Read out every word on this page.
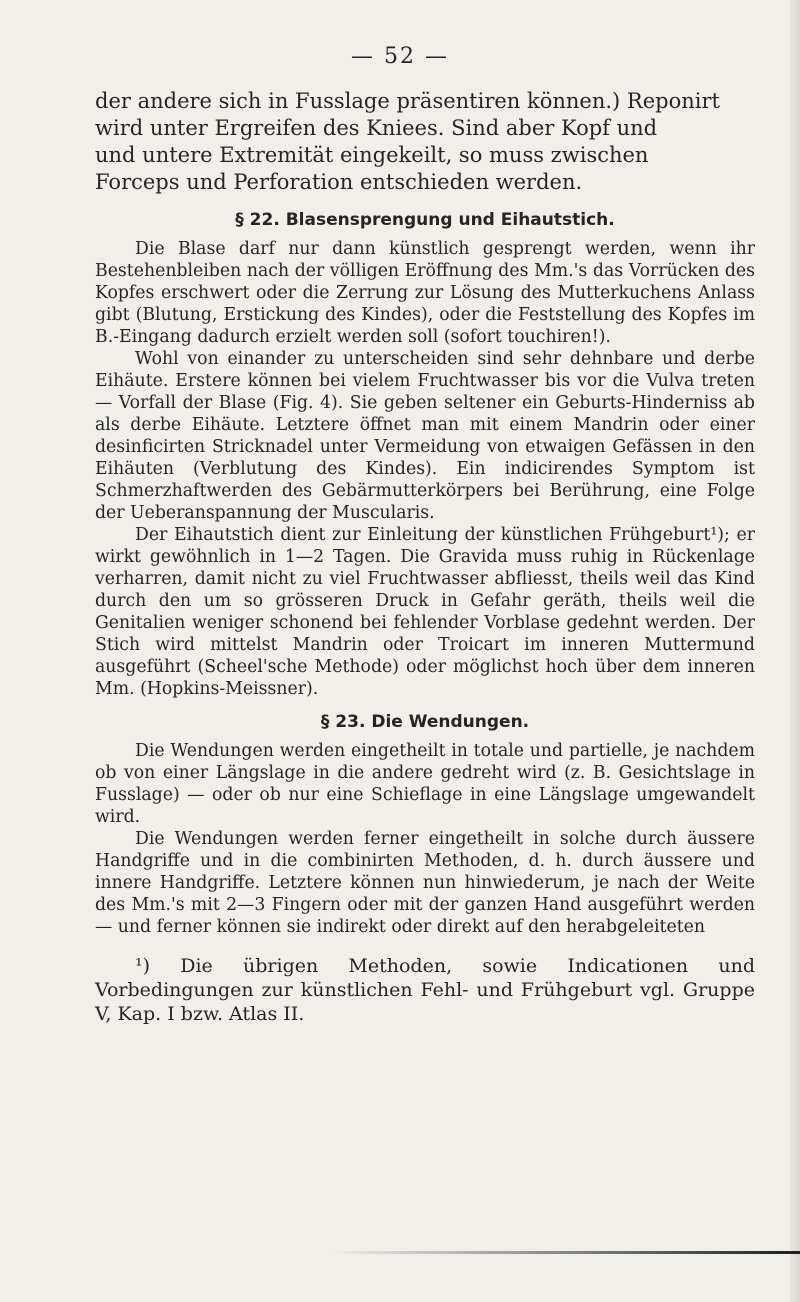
— 52 —

der andere sich in Fusslage präsentiren können.) Reponirt

wird unter Ergreifen des Kniees. Sind aber Kopf und

und untere Extremität eingekeilt, so muss zwischen

Forceps und Perforation entschieden werden.

§ 22. Blasensprengung und Eihautstich.

Die Blase darf nur dann künstlich gesprengt werden, wenn ihr Bestehenbleiben nach der völligen Eröffnung des Mm.'s das Vorrücken des Kopfes erschwert oder die Zerrung zur Lösung des Mutterkuchens Anlass gibt (Blutung, Erstickung des Kindes), oder die Feststellung des Kopfes im B.-Eingang dadurch erzielt werden soll (sofort touchiren!).

Wohl von einander zu unterscheiden sind sehr dehnbare und derbe Eihäute. Erstere können bei vielem Fruchtwasser bis vor die Vulva treten — Vorfall der Blase (Fig. 4). Sie geben seltener ein Geburts-Hinderniss ab als derbe Eihäute. Letztere öffnet man mit einem Mandrin oder einer desinficirten Stricknadel unter Vermeidung von etwaigen Gefässen in den Eihäuten (Verblutung des Kindes). Ein indicirendes Symptom ist Schmerzhaftwerden des Gebärmutterkörpers bei Berührung, eine Folge der Ueberanspannung der Muscularis.

Der Eihautstich dient zur Einleitung der künstlichen Frühgeburt¹); er wirkt gewöhnlich in 1—2 Tagen. Die Gravida muss ruhig in Rückenlage verharren, damit nicht zu viel Fruchtwasser abfliesst, theils weil das Kind durch den um so grösseren Druck in Gefahr geräth, theils weil die Genitalien weniger schonend bei fehlender Vorblase gedehnt werden. Der Stich wird mittelst Mandrin oder Troicart im inneren Muttermund ausgeführt (Scheel'sche Methode) oder möglichst hoch über dem inneren Mm. (Hopkins-Meissner).

§ 23. Die Wendungen.

Die Wendungen werden eingetheilt in totale und partielle, je nachdem ob von einer Längslage in die andere gedreht wird (z. B. Gesichtslage in Fusslage) — oder ob nur eine Schieflage in eine Längslage umgewandelt wird.

Die Wendungen werden ferner eingetheilt in solche durch äussere Handgriffe und in die combinirten Methoden, d. h. durch äussere und innere Handgriffe. Letztere können nun hinwiederum, je nach der Weite des Mm.'s mit 2—3 Fingern oder mit der ganzen Hand ausgeführt werden — und ferner können sie indirekt oder direkt auf den herabgeleiteten

¹) Die übrigen Methoden, sowie Indicationen und Vorbedingungen zur künstlichen Fehl- und Frühgeburt vgl. Gruppe V, Kap. I bzw. Atlas II.
